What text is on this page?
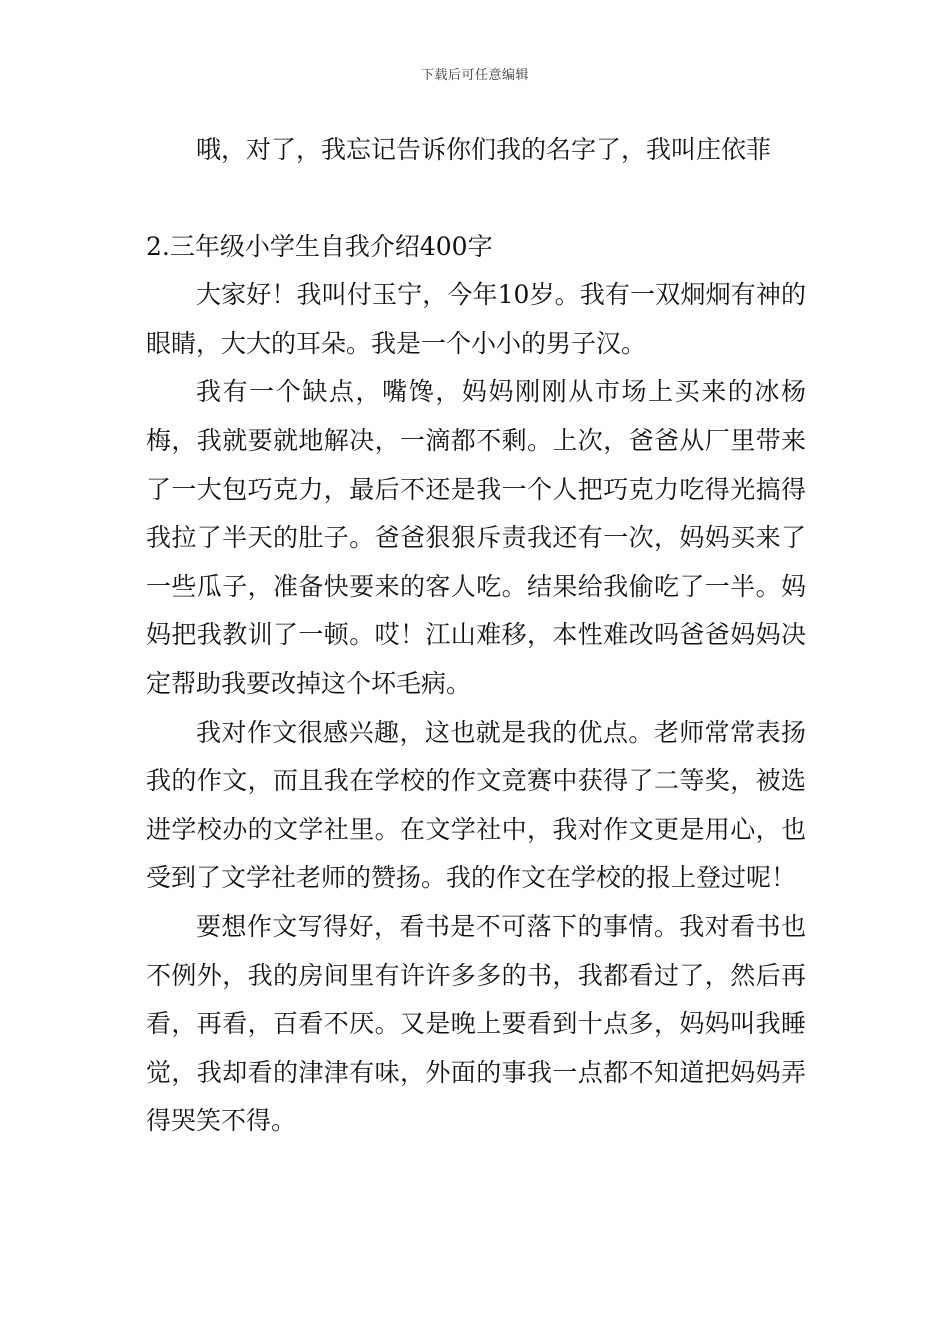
下载后可任意编辑

哦，对了，我忘记告诉你们我的名字了，我叫庄依菲

2.三年级小学生自我介绍400字

大家好！我叫付玉宁，今年10岁。我有一双炯炯有神的眼睛，大大的耳朵。我是一个小小的男子汉。

我有一个缺点，嘴馋，妈妈刚刚从市场上买来的冰杨梅，我就要就地解决，一滴都不剩。上次，爸爸从厂里带来了一大包巧克力，最后不还是我一个人把巧克力吃得光搞得我拉了半天的肚子。爸爸狠狠斥责我还有一次，妈妈买来了一些瓜子，准备快要来的客人吃。结果给我偷吃了一半。妈妈把我教训了一顿。哎！江山难移，本性难改吗爸爸妈妈决定帮助我要改掉这个坏毛病。

我对作文很感兴趣，这也就是我的优点。老师常常表扬我的作文，而且我在学校的作文竞赛中获得了二等奖，被选进学校办的文学社里。在文学社中，我对作文更是用心，也受到了文学社老师的赞扬。我的作文在学校的报上登过呢！

要想作文写得好，看书是不可落下的事情。我对看书也不例外，我的房间里有许许多多的书，我都看过了，然后再看，再看，百看不厌。又是晚上要看到十点多，妈妈叫我睡觉，我却看的津津有味，外面的事我一点都不知道把妈妈弄得哭笑不得。
